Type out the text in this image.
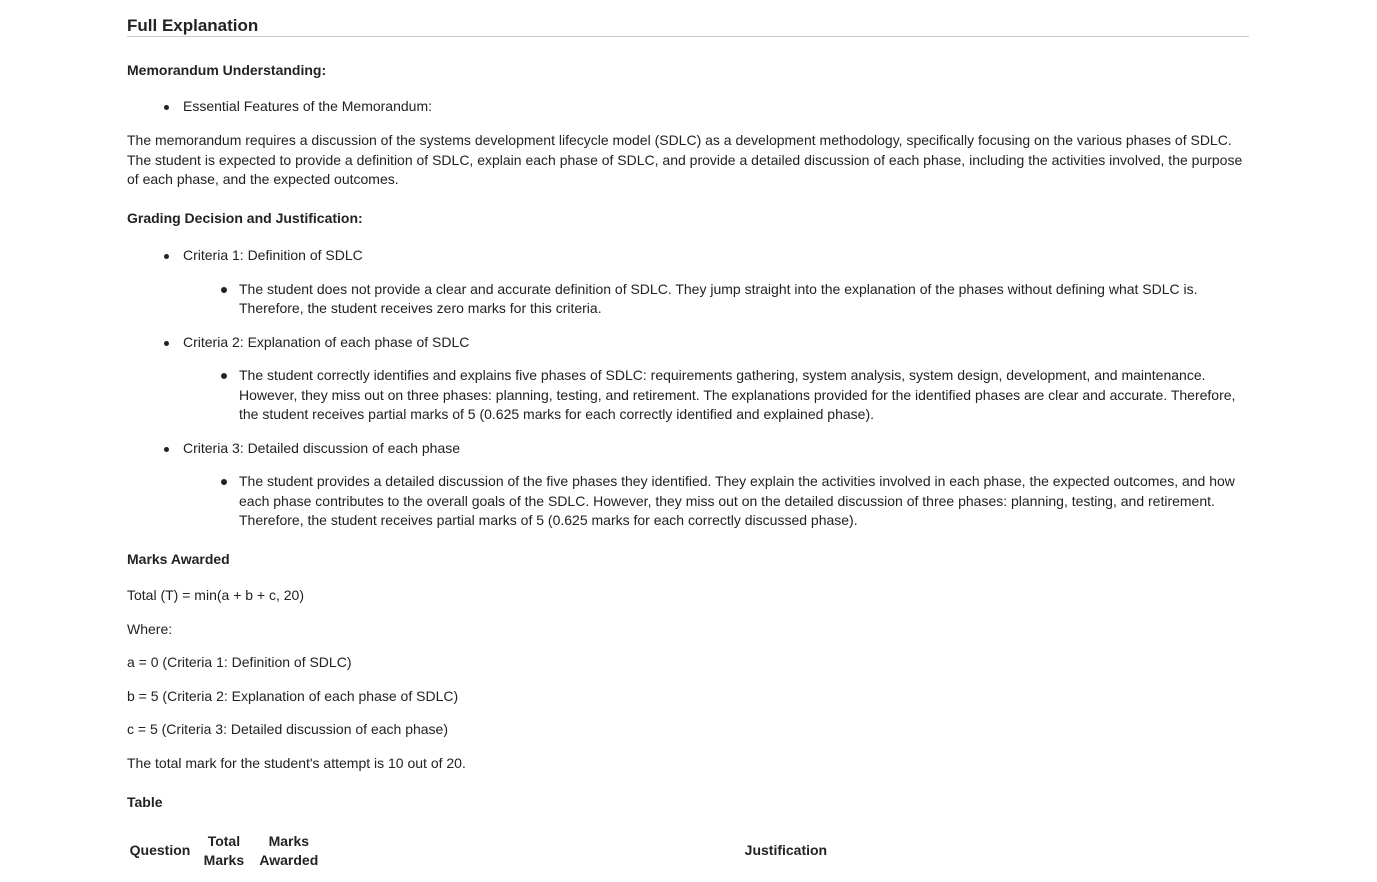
Full Explanation

Memorandum Understanding:

Essential Features of the Memorandum:

The memorandum requires a discussion of the systems development lifecycle model (SDLC) as a development methodology, specifically focusing on the various phases of SDLC. The student is expected to provide a definition of SDLC, explain each phase of SDLC, and provide a detailed discussion of each phase, including the activities involved, the purpose of each phase, and the expected outcomes.

Grading Decision and Justification:

Criteria 1: Definition of SDLC
The student does not provide a clear and accurate definition of SDLC. They jump straight into the explanation of the phases without defining what SDLC is. Therefore, the student receives zero marks for this criteria.
Criteria 2: Explanation of each phase of SDLC
The student correctly identifies and explains five phases of SDLC: requirements gathering, system analysis, system design, development, and maintenance. However, they miss out on three phases: planning, testing, and retirement. The explanations provided for the identified phases are clear and accurate. Therefore, the student receives partial marks of 5 (0.625 marks for each correctly identified and explained phase).
Criteria 3: Detailed discussion of each phase
The student provides a detailed discussion of the five phases they identified. They explain the activities involved in each phase, the expected outcomes, and how each phase contributes to the overall goals of the SDLC. However, they miss out on the detailed discussion of three phases: planning, testing, and retirement. Therefore, the student receives partial marks of 5 (0.625 marks for each correctly discussed phase).

Marks Awarded

Total (T) = min(a + b + c, 20)

Where:

a = 0 (Criteria 1: Definition of SDLC)

b = 5 (Criteria 2: Explanation of each phase of SDLC)

c = 5 (Criteria 3: Detailed discussion of each phase)

The total mark for the student's attempt is 10 out of 20.

Table

Question	Total Marks	Marks Awarded	Justification
